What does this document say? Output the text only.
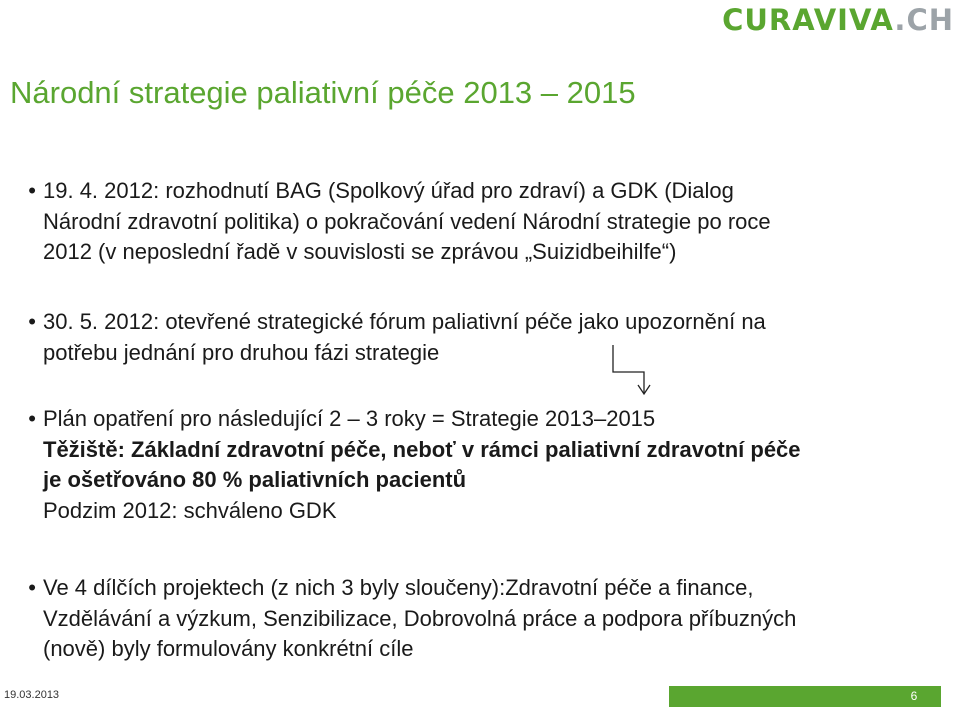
CURAVIVA.CH
Národní strategie paliativní péče 2013 – 2015
• 19. 4. 2012: rozhodnutí BAG (Spolkový úřad pro zdraví) a GDK (Dialog
Národní zdravotní politika) o pokračování vedení Národní strategie po roce
2012 (v neposlední řadě v souvislosti se zprávou „Suizidbeihilfe“)
• 30. 5. 2012: otevřené strategické fórum paliativní péče jako upozornění na
potřebu jednání pro druhou fázi strategie
• Plán opatření pro následující 2 – 3 roky = Strategie 2013–2015
Těžiště: Základní zdravotní péče, neboť v rámci paliativní zdravotní péče
je ošetřováno 80 % paliativních pacientů
Podzim 2012: schváleno GDK
• Ve 4 dílčích projektech (z nich 3 byly sloučeny):Zdravotní péče a finance,
Vzdělávání a výzkum, Senzibilizace, Dobrovolná práce a podpora příbuzných
(nově) byly formulovány konkrétní cíle
19.03.2013	6
